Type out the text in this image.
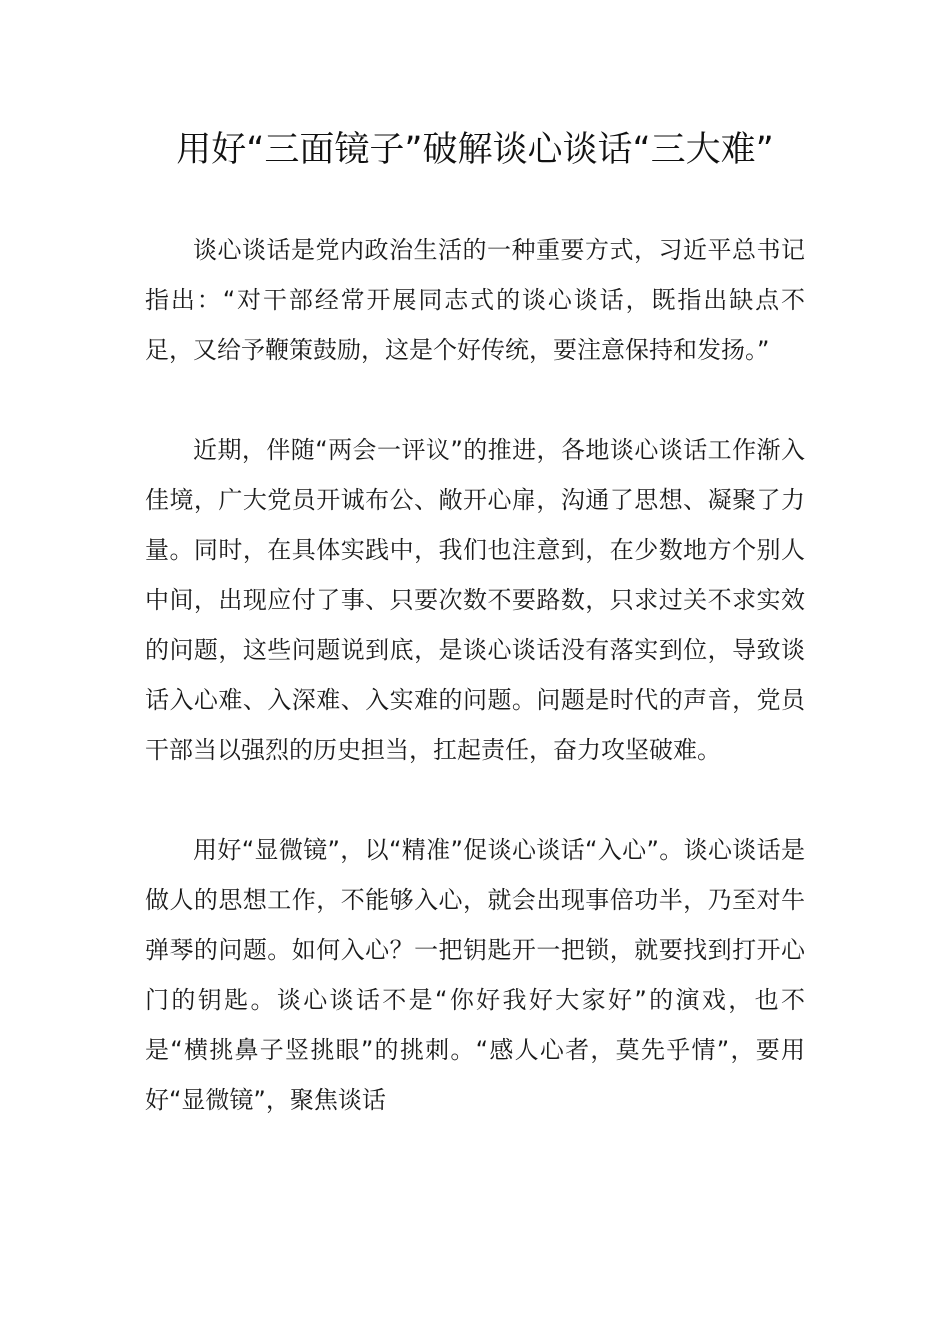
用好“三面镜子”破解谈心谈话“三大难”

谈心谈话是党内政治生活的一种重要方式，习近平总书记指出：“对干部经常开展同志式的谈心谈话，既指出缺点不足，又给予鞭策鼓励，这是个好传统，要注意保持和发扬。”

近期，伴随“两会一评议”的推进，各地谈心谈话工作渐入佳境，广大党员开诚布公、敞开心扉，沟通了思想、凝聚了力量。同时，在具体实践中，我们也注意到，在少数地方个别人中间，出现应付了事、只要次数不要路数，只求过关不求实效的问题，这些问题说到底，是谈心谈话没有落实到位，导致谈话入心难、入深难、入实难的问题。问题是时代的声音，党员干部当以强烈的历史担当，扛起责任，奋力攻坚破难。

用好“显微镜”，以“精准”促谈心谈话“入心”。谈心谈话是做人的思想工作，不能够入心，就会出现事倍功半，乃至对牛弹琴的问题。如何入心？一把钥匙开一把锁，就要找到打开心门的钥匙。谈心谈话不是“你好我好大家好”的演戏，也不是“横挑鼻子竖挑眼”的挑刺。“感人心者，莫先乎情”，要用好“显微镜”，聚焦谈话
